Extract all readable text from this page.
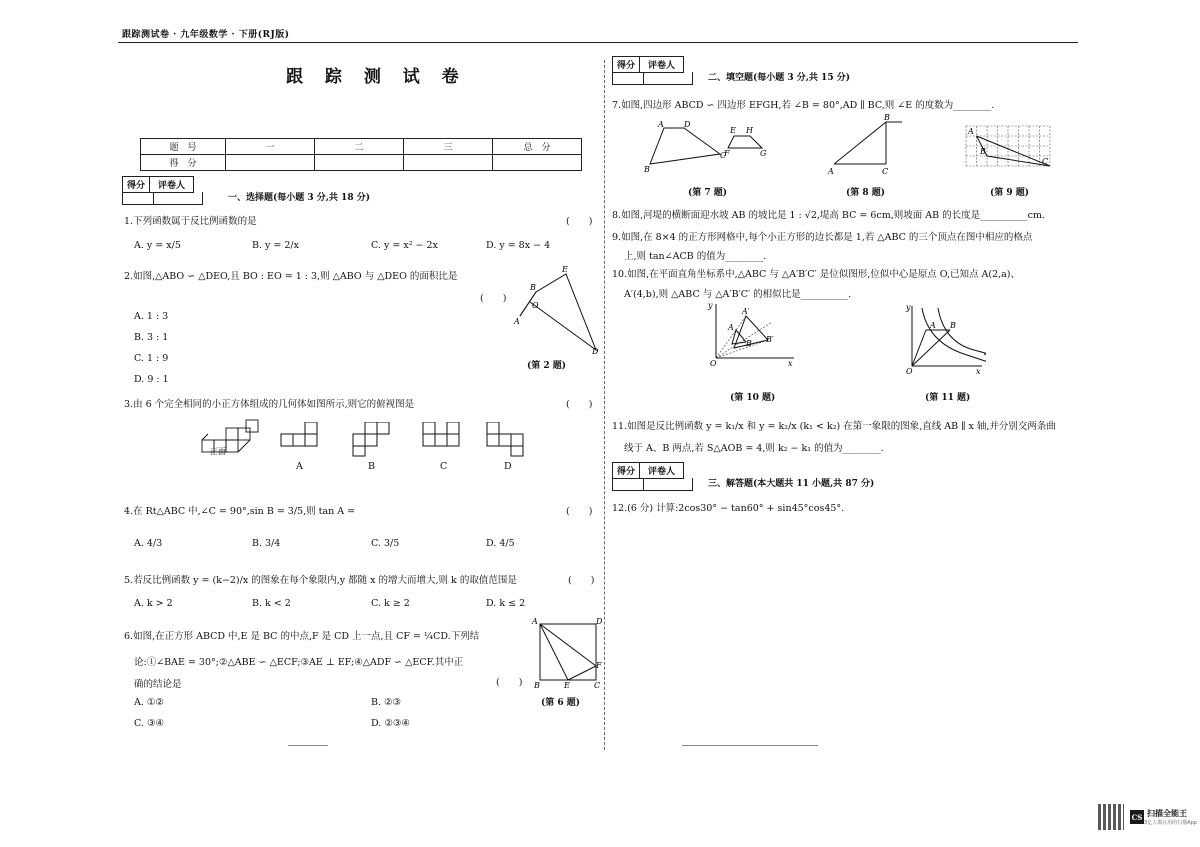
跟踪测试卷 · 九年级数学 · 下册(RJ版)
跟 踪 测 试 卷
题　号	一	二	三	总　分
得　分				
得分	评卷人
一、选择题(每小题 3 分,共 18 分)
1.下列函数属于反比例函数的是	(　　)
A. y = x/5	B. y = 2/x	C. y = x² − 2x	D. y = 8x − 4
2.如图,△ABO ∽ △DEO,且 BO : EO = 1 : 3,则 △ABO 与 △DEO 的面积比是
(　　)
A. 1 : 3
B. 3 : 1
C. 1 : 9
D. 9 : 1
A
B
O
E
D
(第 2 题)
3.由 6 个完全相同的小正方体组成的几何体如图所示,则它的俯视图是	(　　)
正面
A	B	C	D
4.在 Rt△ABC 中,∠C = 90°,sin B = 3/5,则 tan A =	(　　)
A. 4/3	B. 3/4	C. 3/5	D. 4/5
5.若反比例函数 y = (k−2)/x 的图象在每个象限内,y 都随 x 的增大而增大,则 k 的取值范围是	(　　)
A. k > 2	B. k < 2	C. k ≥ 2	D. k ≤ 2
6.如图,在正方形 ABCD 中,E 是 BC 的中点,F 是 CD 上一点,且 CF = ¼CD.下列结
论:①∠BAE = 30°;②△ABE ∽ △ECF;③AE ⊥ EF;④△ADF ∽ △ECF.其中正
确的结论是	(　　)
A. ①②	B. ②③
C. ③④	D. ②③④
A	D
B	E	C
F
(第 6 题)
得分	评卷人
二、填空题(每小题 3 分,共 15 分)
7.如图,四边形 ABCD ∽ 四边形 EFGH,若 ∠B = 80°,AD ∥ BC,则 ∠E 的度数为________.
A	D
C
B
E H
F	G
(第 7 题)
A
B
C
(第 8 题)
A
B
C
(第 9 题)
8.如图,河堤的横断面迎水坡 AB 的坡比是 1 : √2,堤高 BC = 6cm,则坡面 AB 的长度是__________cm.
9.如图,在 8×4 的正方形网格中,每个小正方形的边长都是 1,若 △ABC 的三个顶点在图中相应的格点
上,则 tan∠ACB 的值为________.
10.如图,在平面直角坐标系中,△ABC 与 △A′B′C′ 是位似图形,位似中心是原点 O,已知点 A(2,a)、
A′(4,b),则 △ABC 与 △A′B′C′ 的相似比是__________.
y
x
O
A
A′
B B′
(第 10 题)
y
x
O
A B
(第 11 题)
11.如图是反比例函数 y = k₁/x 和 y = k₂/x (k₁ < k₂) 在第一象限的图象,直线 AB ∥ x 轴,并分别交两条曲
线于 A、B 两点,若 S△AOB = 4,则 k₂ − k₁ 的值为________.
得分	评卷人
三、解答题(本大题共 11 小题,共 87 分)
12.(6 分) 计算:2cos30° − tan60° + sin45°cos45°.
CS 扫描全能王
3亿人都在用的扫描App
